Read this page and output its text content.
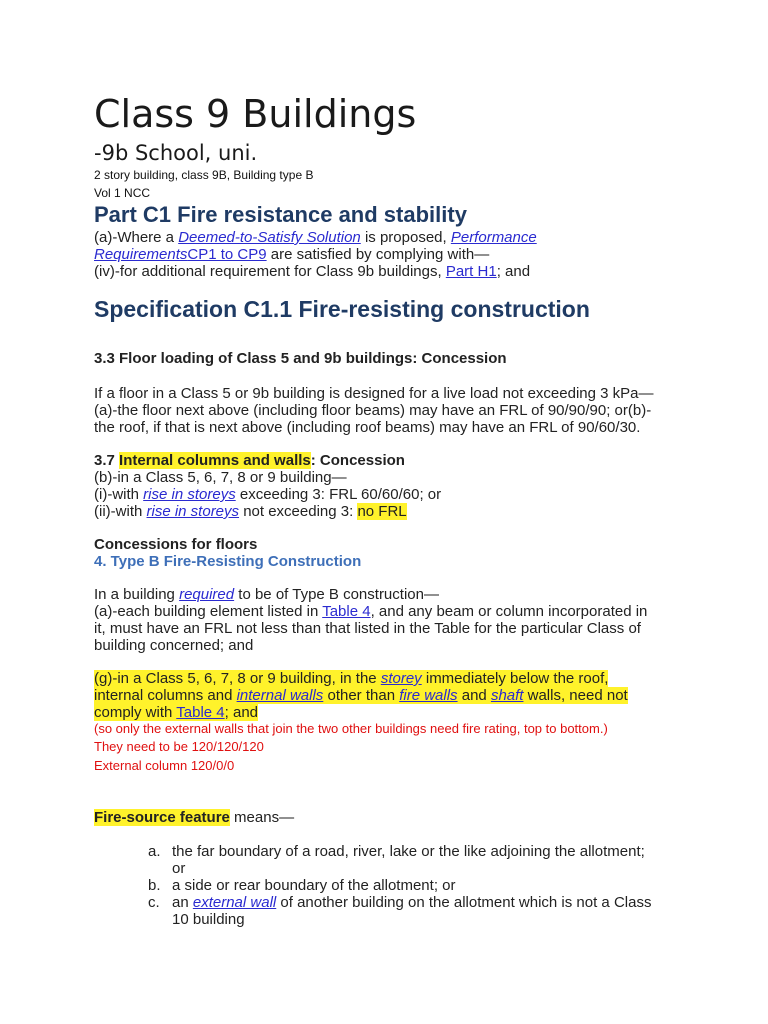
Class 9 Buildings
-9b School, uni.
2 story building, class 9B, Building type B
Vol 1 NCC
Part C1 Fire resistance and stability
(a)-Where a Deemed-to-Satisfy Solution is proposed, Performance
RequirementsCP1 to CP9 are satisfied by complying with—
(iv)-for additional requirement for Class 9b buildings, Part H1; and
Specification C1.1 Fire-resisting construction
3.3 Floor loading of Class 5 and 9b buildings: Concession
If a floor in a Class 5 or 9b building is designed for a live load not exceeding 3 kPa—
(a)-the floor next above (including floor beams) may have an FRL of 90/90/90; or(b)-
the roof, if that is next above (including roof beams) may have an FRL of 90/60/30.
3.7 Internal columns and walls: Concession
(b)-in a Class 5, 6, 7, 8 or 9 building—
(i)-with rise in storeys exceeding 3: FRL 60/60/60; or
(ii)-with rise in storeys not exceeding 3: no FRL
Concessions for floors
4. Type B Fire-Resisting Construction
In a building required to be of Type B construction—
(a)-each building element listed in Table 4, and any beam or column incorporated in
it, must have an FRL not less than that listed in the Table for the particular Class of
building concerned; and
(g)-in a Class 5, 6, 7, 8 or 9 building, in the storey immediately below the roof,
internal columns and internal walls other than fire walls and shaft walls, need not
comply with Table 4; and
(so only the external walls that join the two other buildings need fire rating, top to bottom.)
They need to be 120/120/120
External column 120/0/0
Fire-source feature means—
a. the far boundary of a road, river, lake or the like adjoining the allotment;
or
b. a side or rear boundary of the allotment; or
c. an external wall of another building on the allotment which is not a Class
10 building
